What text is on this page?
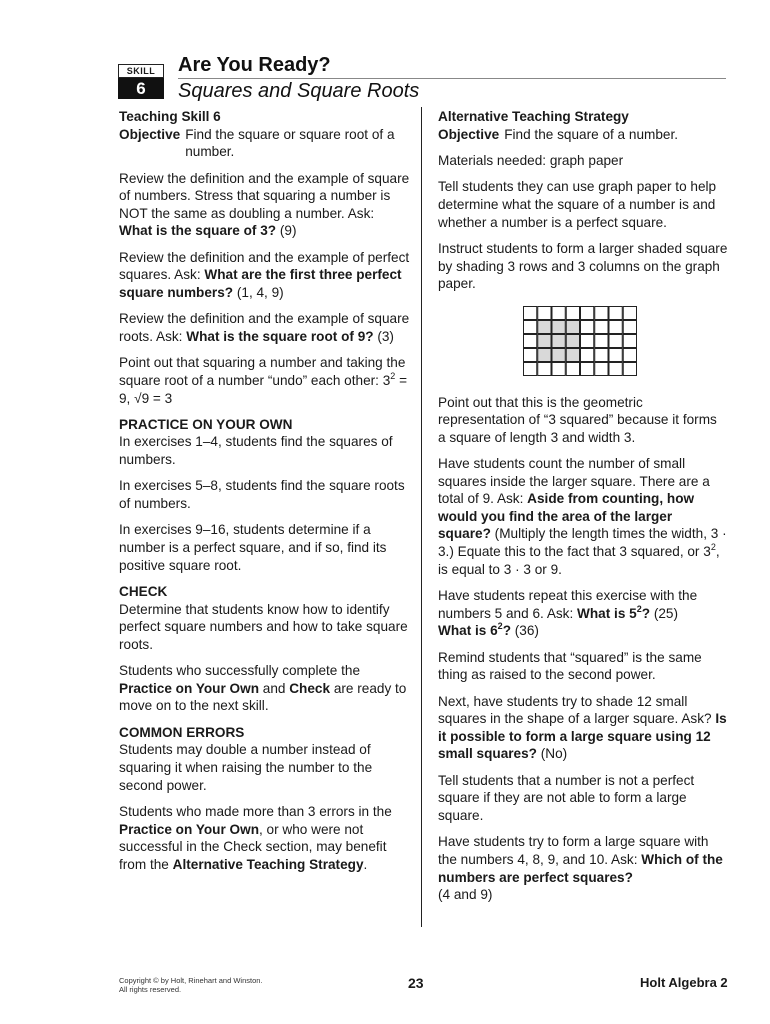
SKILL
6
Are You Ready?
Squares and Square Roots

Teaching Skill 6

Objective Find the square or square root of a number.

Review the definition and the example of square of numbers. Stress that squaring a number is NOT the same as doubling a number. Ask: What is the square of 3? (9)

Review the definition and the example of perfect squares. Ask: What are the first three perfect square numbers? (1, 4, 9)

Review the definition and the example of square roots. Ask: What is the square root of 9? (3)

Point out that squaring a number and taking the square root of a number “undo” each other: $3^2 = 9$, √9 = 3

PRACTICE ON YOUR OWN

In exercises 1–4, students find the squares of numbers.

In exercises 5–8, students find the square roots of numbers.

In exercises 9–16, students determine if a number is a perfect square, and if so, find its positive square root.

CHECK

Determine that students know how to identify perfect square numbers and how to take square roots.

Students who successfully complete the Practice on Your Own and Check are ready to move on to the next skill.

COMMON ERRORS

Students may double a number instead of squaring it when raising the number to the second power.

Students who made more than 3 errors in the Practice on Your Own, or who were not successful in the Check section, may benefit from the Alternative Teaching Strategy.

Alternative Teaching Strategy

Objective Find the square of a number.

Materials needed: graph paper

Tell students they can use graph paper to help determine what the square of a number is and whether a number is a perfect square.

Instruct students to form a larger shaded square by shading 3 rows and 3 columns on the graph paper.

Point out that this is the geometric representation of “3 squared” because it forms a square of length 3 and width 3.

Have students count the number of small squares inside the larger square. There are a total of 9. Ask: Aside from counting, how would you find the area of the larger square? (Multiply the length times the width, 3 · 3.) Equate this to the fact that 3 squared, or $3^2$, is equal to 3 · 3 or 9.

Have students repeat this exercise with the numbers 5 and 6. Ask: What is $5^2$? (25)
What is $6^2$? (36)

Remind students that “squared” is the same thing as raised to the second power.

Next, have students try to shade 12 small squares in the shape of a larger square. Ask? Is it possible to form a large square using 12 small squares? (No)

Tell students that a number is not a perfect square if they are not able to form a large square.

Have students try to form a large square with the numbers 4, 8, 9, and 10. Ask: Which of the numbers are perfect squares?
(4 and 9)

Copyright © by Holt, Rinehart and Winston.
All rights reserved.	23	Holt Algebra 2
